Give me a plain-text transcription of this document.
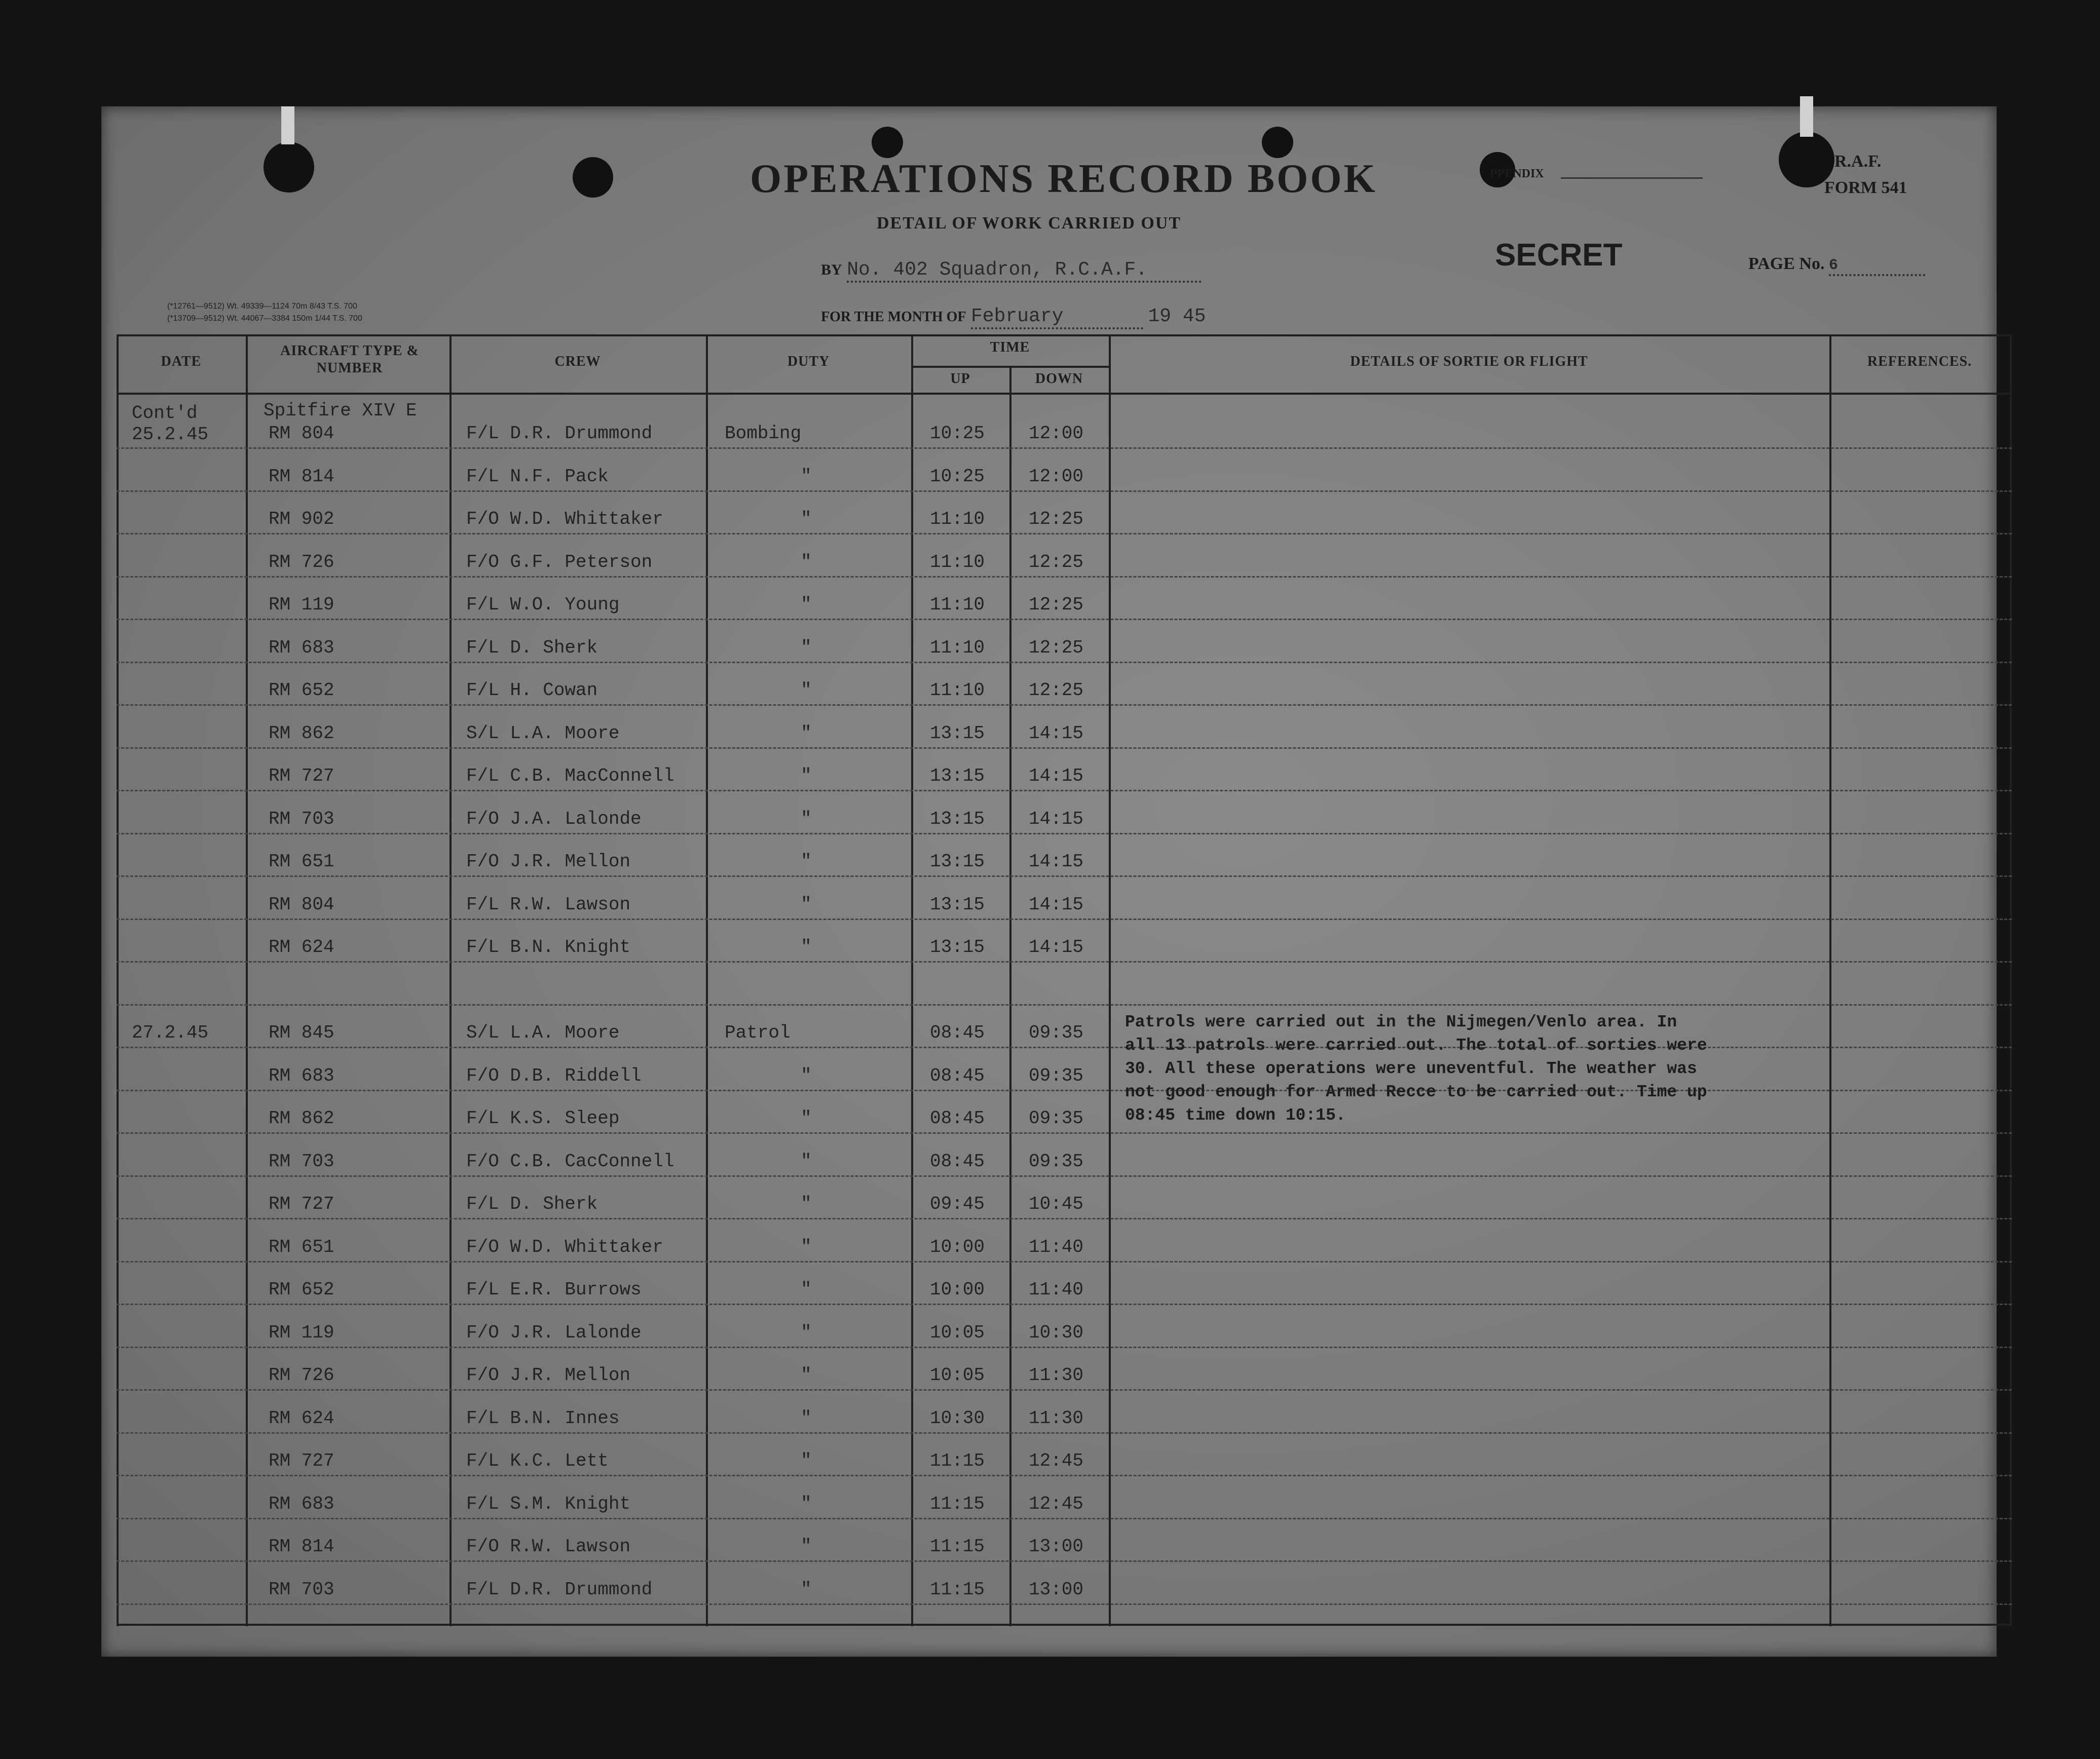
OPERATIONS RECORD BOOK
DETAIL OF WORK CARRIED OUT
PPENDIX
R.A.F.
FORM 541
SECRET
BY No. 402 Squadron, R.C.A.F.
FOR THE MONTH OF February	19 45
PAGE No. 6
(*12761—9512) Wt. 49339—1124 70m 8/43 T.S. 700
(*13709—9512) Wt. 44067—3384 150m 1/44 T.S. 700
DATE
AIRCRAFT TYPE & NUMBER	CREW	DUTY
TIME
UP	DOWN
DETAILS OF SORTIE OR FLIGHT	REFERENCES.
Spitfire XIV E
Cont'd
25.2.45	RM 804	F/L D.R. Drummond	Bombing	10:25 12:00
RM 814	F/L N.F. Pack	"	10:25 12:00
RM 902	F/O W.D. Whittaker	"	11:10 12:25
RM 726	F/O G.F. Peterson	"	11:10 12:25
RM 119	F/L W.O. Young	"	11:10 12:25
RM 683	F/L D. Sherk	"	11:10 12:25
RM 652	F/L H. Cowan	"	11:10 12:25
RM 862	S/L L.A. Moore	"	13:15 14:15
RM 727	F/L C.B. MacConnell	"	13:15 14:15
RM 703	F/O J.A. Lalonde	"	13:15 14:15
RM 651	F/O J.R. Mellon	"	13:15 14:15
RM 804	F/L R.W. Lawson	"	13:15 14:15
RM 624	F/L B.N. Knight	"	13:15 14:15
27.2.45	RM 845	S/L L.A. Moore	Patrol	08:45 09:35
RM 683	F/O D.B. Riddell	"	08:45 09:35
RM 862	F/L K.S. Sleep	"	08:45 09:35
RM 703	F/O C.B. CacConnell	"	08:45 09:35
RM 727	F/L D. Sherk	"	09:45 10:45
RM 651	F/O W.D. Whittaker	"	10:00 11:40
RM 652	F/L E.R. Burrows	"	10:00 11:40
RM 119	F/O J.R. Lalonde	"	10:05 10:30
RM 726	F/O J.R. Mellon	"	10:05 11:30
RM 624	F/L B.N. Innes	"	10:30 11:30
RM 727	F/L K.C. Lett	"	11:15 12:45
RM 683	F/L S.M. Knight	"	11:15 12:45
RM 814	F/O R.W. Lawson	"	11:15 13:00
RM 703	F/L D.R. Drummond	"	11:15 13:00
Patrols were carried out in the Nijmegen/Venlo area. In
all 13 patrols were carried out. The total of sorties were
30. All these operations were uneventful. The weather was
not good enough for Armed Recce to be carried out. Time up
08:45 time down 10:15.
